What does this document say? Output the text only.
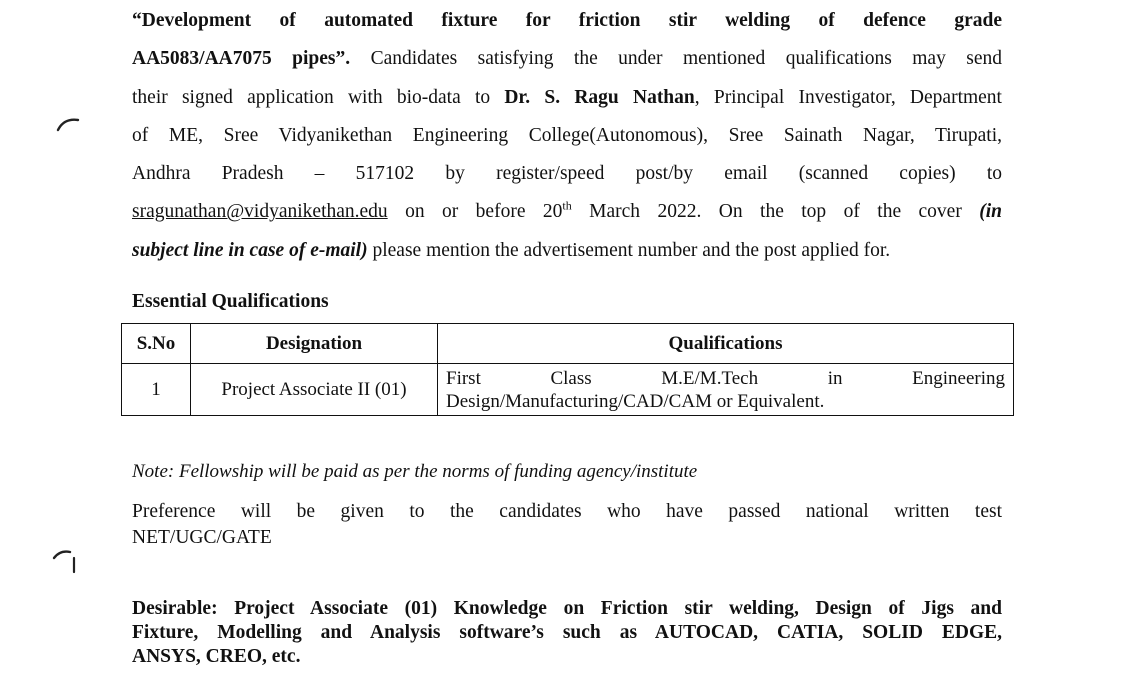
“Development of automated fixture for friction stir welding of defence grade
AA5083/AA7075 pipes”. Candidates satisfying the under mentioned qualifications may send
their signed application with bio-data to Dr. S. Ragu Nathan, Principal Investigator, Department
of ME, Sree Vidyanikethan Engineering College(Autonomous), Sree Sainath Nagar, Tirupati,
Andhra Pradesh – 517102 by register/speed post/by email (scanned copies) to
sragunathan@vidyanikethan.edu on or before 20th March 2022. On the top of the cover (in
subject line in case of e-mail) please mention the advertisement number and the post applied for.
Essential Qualifications
S.No	Designation	Qualifications
1	Project Associate II (01)	First Class M.E/M.Tech in Engineering
Design/Manufacturing/CAD/CAM or Equivalent.
Note: Fellowship will be paid as per the norms of funding agency/institute
Preference will be given to the candidates who have passed national written test
NET/UGC/GATE
Desirable: Project Associate (01) Knowledge on Friction stir welding, Design of Jigs and
Fixture, Modelling and Analysis software’s such as AUTOCAD, CATIA, SOLID EDGE,
ANSYS, CREO, etc.
